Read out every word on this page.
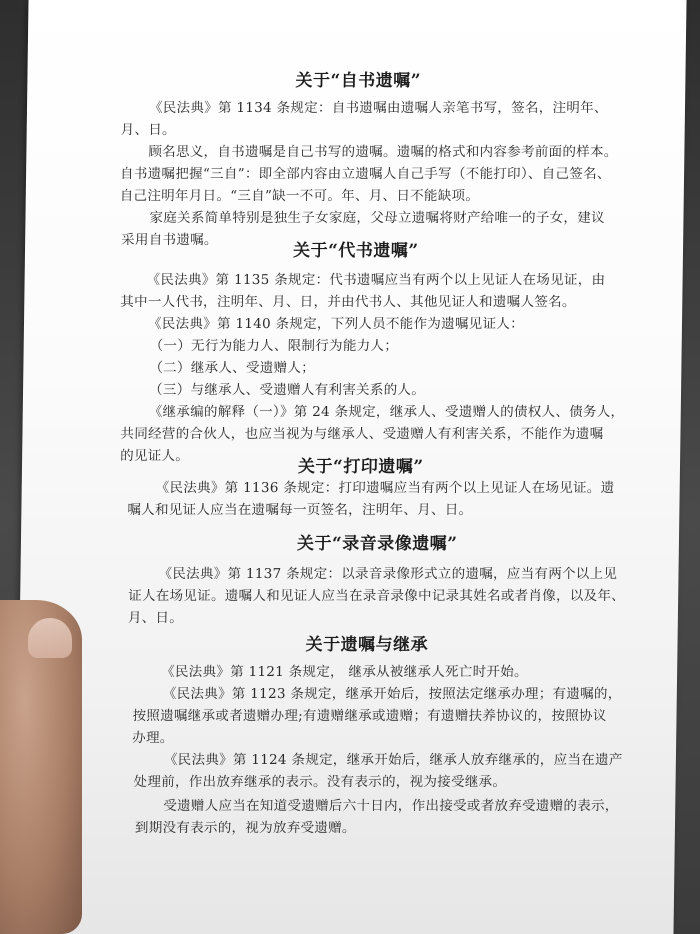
关于“自书遗嘱”
《民法典》第 1134 条规定：自书遗嘱由遗嘱人亲笔书写，签名，注明年、
月、日。
顾名思义，自书遗嘱是自己书写的遗嘱。遗嘱的格式和内容参考前面的样本。
自书遗嘱把握“三自”：即全部内容由立遗嘱人自己手写（不能打印）、自己签名、
自己注明年月日。“三自”缺一不可。年、月、日不能缺项。
家庭关系简单特别是独生子女家庭，父母立遗嘱将财产给唯一的子女，建议
采用自书遗嘱。
关于“代书遗嘱”
《民法典》第 1135 条规定：代书遗嘱应当有两个以上见证人在场见证，由
其中一人代书，注明年、月、日，并由代书人、其他见证人和遗嘱人签名。
《民法典》第 1140 条规定，下列人员不能作为遗嘱见证人：
（一）无行为能力人、限制行为能力人；
（二）继承人、受遗赠人；
（三）与继承人、受遗赠人有利害关系的人。
《继承编的解释（一）》第 24 条规定，继承人、受遗赠人的债权人、债务人，
共同经营的合伙人，也应当视为与继承人、受遗赠人有利害关系，不能作为遗嘱
的见证人。
关于“打印遗嘱”
《民法典》第 1136 条规定：打印遗嘱应当有两个以上见证人在场见证。遗
嘱人和见证人应当在遗嘱每一页签名，注明年、月、日。
关于“录音录像遗嘱”
《民法典》第 1137 条规定：以录音录像形式立的遗嘱，应当有两个以上见
证人在场见证。遗嘱人和见证人应当在录音录像中记录其姓名或者肖像，以及年、
月、日。
关于遗嘱与继承
《民法典》第 1121 条规定， 继承从被继承人死亡时开始。
《民法典》第 1123 条规定，继承开始后，按照法定继承办理；有遗嘱的，
按照遗嘱继承或者遗赠办理;有遗赠继承或遗赠；有遗赠扶养协议的，按照协议
办理。
《民法典》第 1124 条规定，继承开始后，继承人放弃继承的，应当在遗产
处理前，作出放弃继承的表示。没有表示的，视为接受继承。
受遗赠人应当在知道受遗赠后六十日内，作出接受或者放弃受遗赠的表示，
到期没有表示的，视为放弃受遗赠。
